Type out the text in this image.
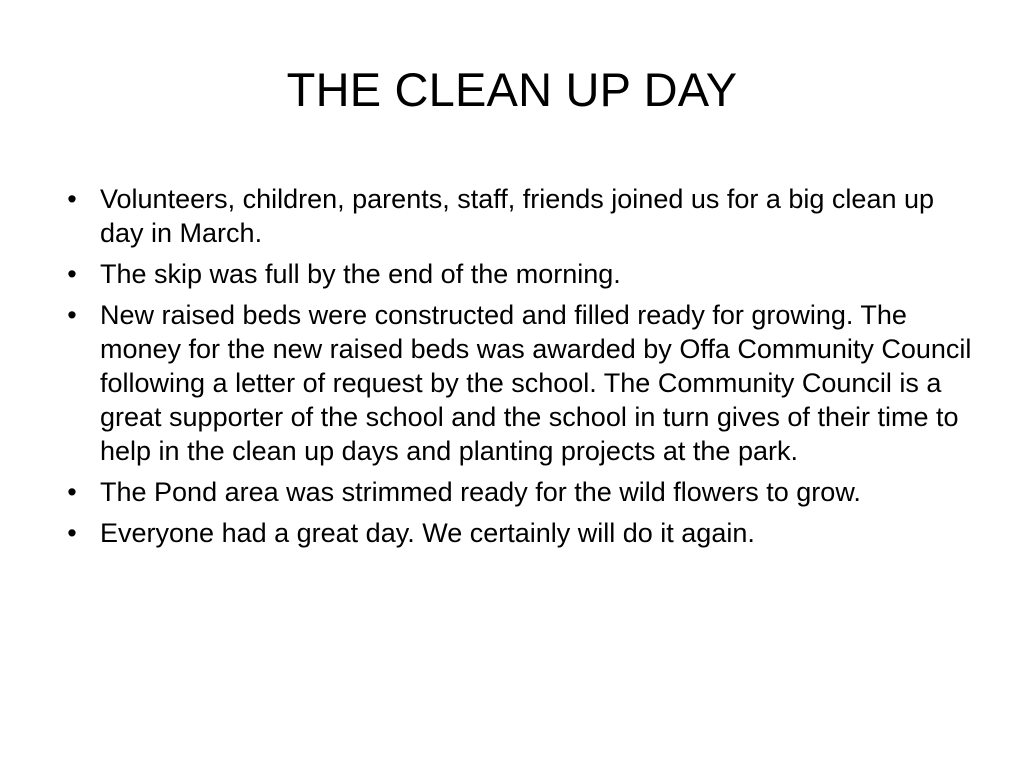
THE CLEAN UP DAY
• Volunteers, children, parents, staff, friends joined us for a big clean up day in March.
• The skip was full by the end of the morning.
• New raised beds were constructed and filled ready for growing. The money for the new raised beds was awarded by Offa Community Council following a letter of request by the school. The Community Council is a great supporter of the school and the school in turn gives of their time to help in the clean up days and planting projects at the park.
• The Pond area was strimmed ready for the wild flowers to grow.
• Everyone had a great day. We certainly will do it again.
